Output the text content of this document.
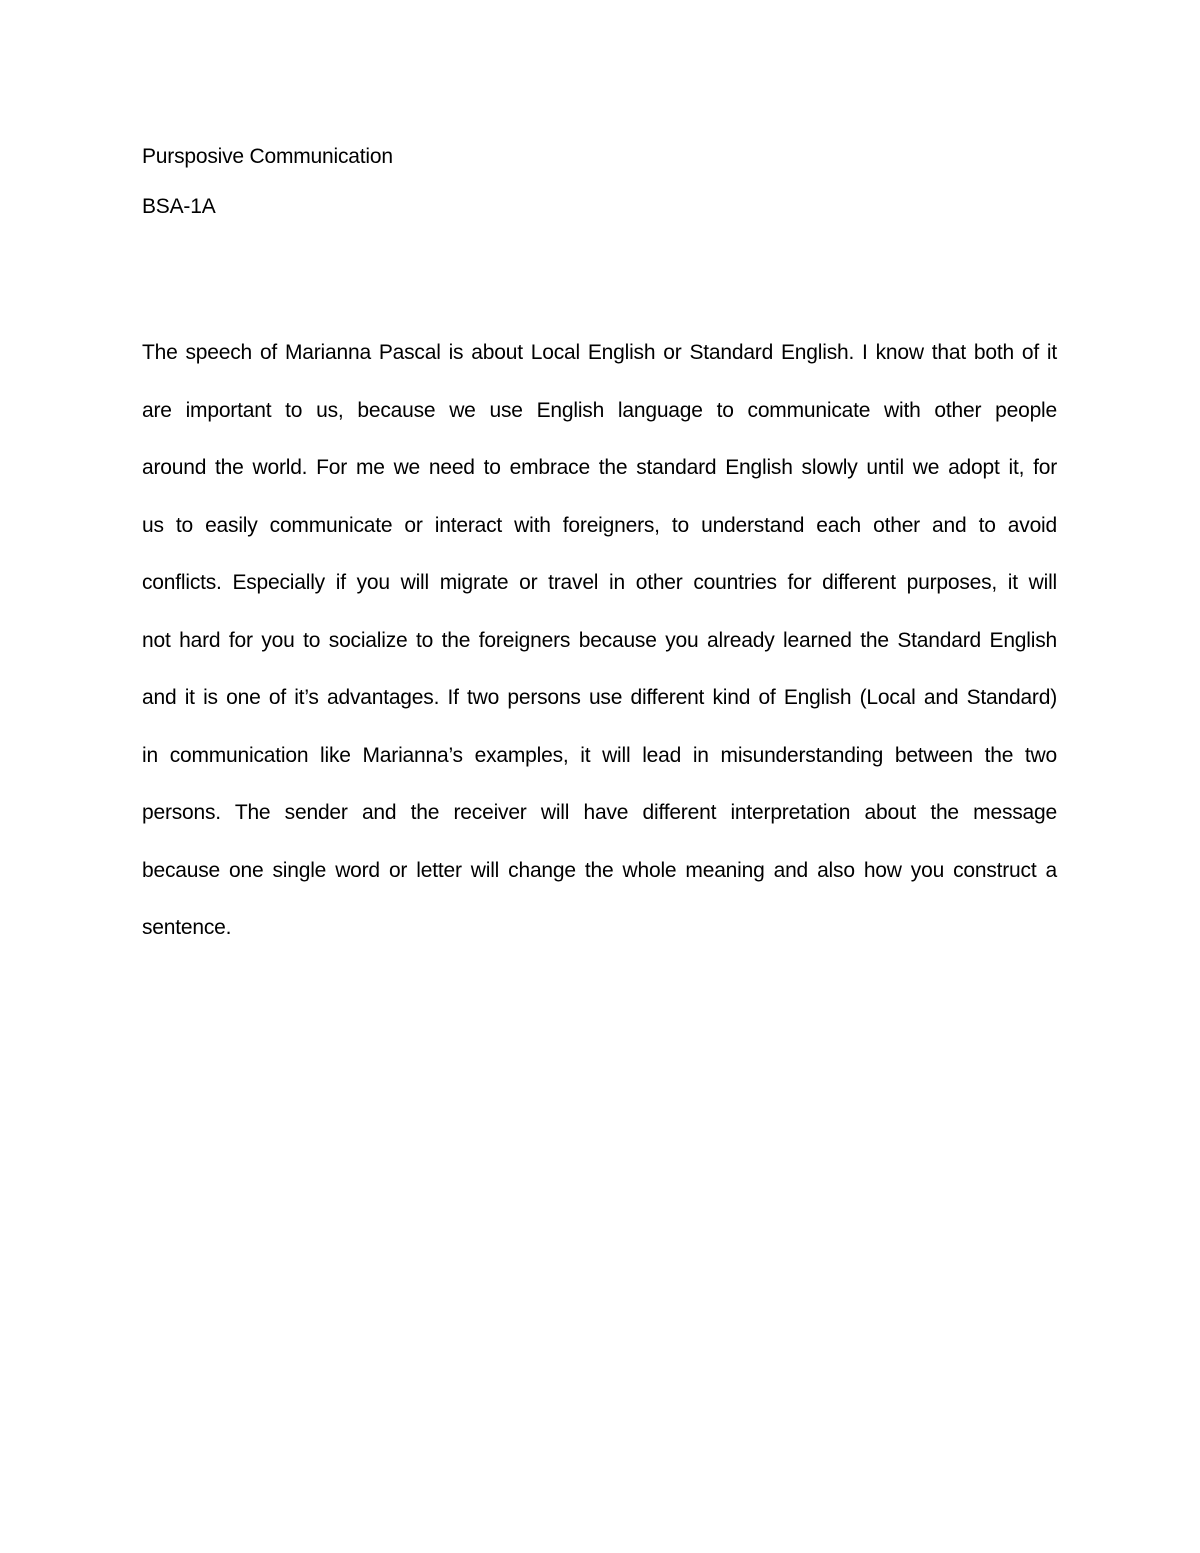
Pursposive Communication

BSA-1A

The speech of Marianna Pascal is about Local English or Standard English. I know that both of it

are important to us, because we use English language to communicate with other people

around the world. For me we need to embrace the standard English slowly until we adopt it, for

us to easily communicate or interact with foreigners, to understand each other and to avoid

conflicts. Especially if you will migrate or travel in other countries for different purposes, it will

not hard for you to socialize to the foreigners because you already learned the Standard English

and it is one of it’s advantages. If two persons use different kind of English (Local and Standard)

in communication like Marianna’s examples, it will lead in misunderstanding between the two

persons. The sender and the receiver will have different interpretation about the message

because one single word or letter will change the whole meaning and also how you construct a

sentence.
